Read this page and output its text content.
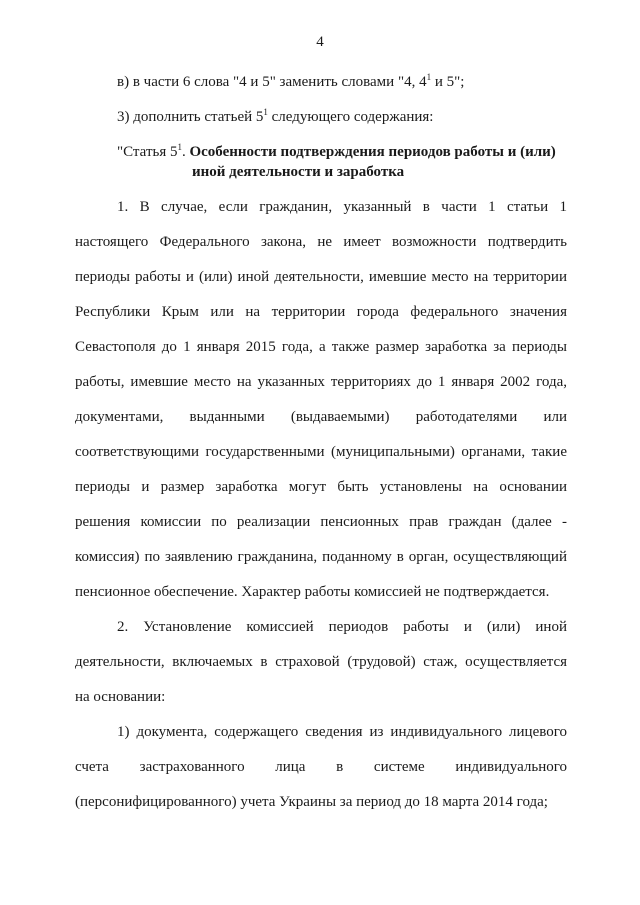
4
в) в части 6 слова "4 и 5" заменить словами "4, $4^1$ и 5";
3) дополнить статьей $5^1$ следующего содержания:
"Статья $5^1$. Особенности подтверждения периодов работы и (или)
иной деятельности и заработка
1. В случае, если гражданин, указанный в части 1 статьи 1
настоящего Федерального закона, не имеет возможности подтвердить
периоды работы и (или) иной деятельности, имевшие место на территории
Республики Крым или на территории города федерального значения
Севастополя до 1 января 2015 года, а также размер заработка за периоды
работы, имевшие место на указанных территориях до 1 января 2002 года,
документами, выданными (выдаваемыми) работодателями или
соответствующими государственными (муниципальными) органами, такие
периоды и размер заработка могут быть установлены на основании
решения комиссии по реализации пенсионных прав граждан (далее -
комиссия) по заявлению гражданина, поданному в орган, осуществляющий
пенсионное обеспечение. Характер работы комиссией не подтверждается.
2. Установление комиссией периодов работы и (или) иной
деятельности, включаемых в страховой (трудовой) стаж, осуществляется
на основании:
1) документа, содержащего сведения из индивидуального лицевого
счета застрахованного лица в системе индивидуального
(персонифицированного) учета Украины за период до 18 марта 2014 года;
